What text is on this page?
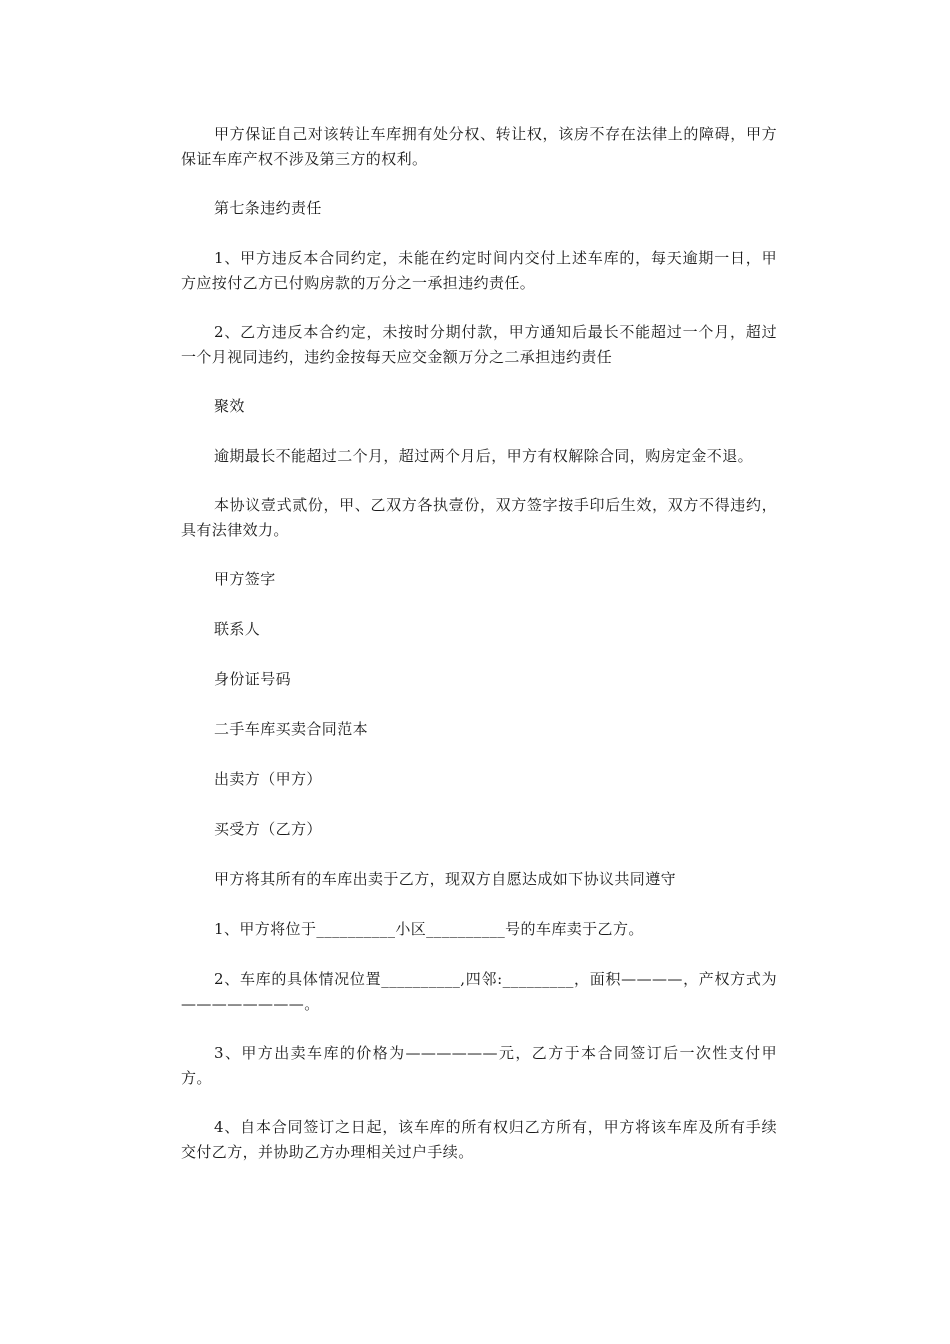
甲方保证自己对该转让车库拥有处分权、转让权，该房不存在法律上的障碍，甲方保证车库产权不涉及第三方的权利。

第七条违约责任

1、甲方违反本合同约定，未能在约定时间内交付上述车库的，每天逾期一日，甲方应按付乙方已付购房款的万分之一承担违约责任。

2、乙方违反本合约定，未按时分期付款，甲方通知后最长不能超过一个月，超过一个月视同违约，违约金按每天应交金额万分之二承担违约责任

聚效

逾期最长不能超过二个月，超过两个月后，甲方有权解除合同，购房定金不退。

本协议壹式贰份，甲、乙双方各执壹份，双方签字按手印后生效，双方不得违约，具有法律效力。

甲方签字

联系人

身份证号码

二手车库买卖合同范本

出卖方（甲方）

买受方（乙方）

甲方将其所有的车库出卖于乙方，现双方自愿达成如下协议共同遵守

1、甲方将位于__________小区__________号的车库卖于乙方。

2、车库的具体情况位置__________,四邻:_________，面积————，产权方式为————————。

3、甲方出卖车库的价格为——————元，乙方于本合同签订后一次性支付甲方。

4、自本合同签订之日起，该车库的所有权归乙方所有，甲方将该车库及所有手续交付乙方，并协助乙方办理相关过户手续。
